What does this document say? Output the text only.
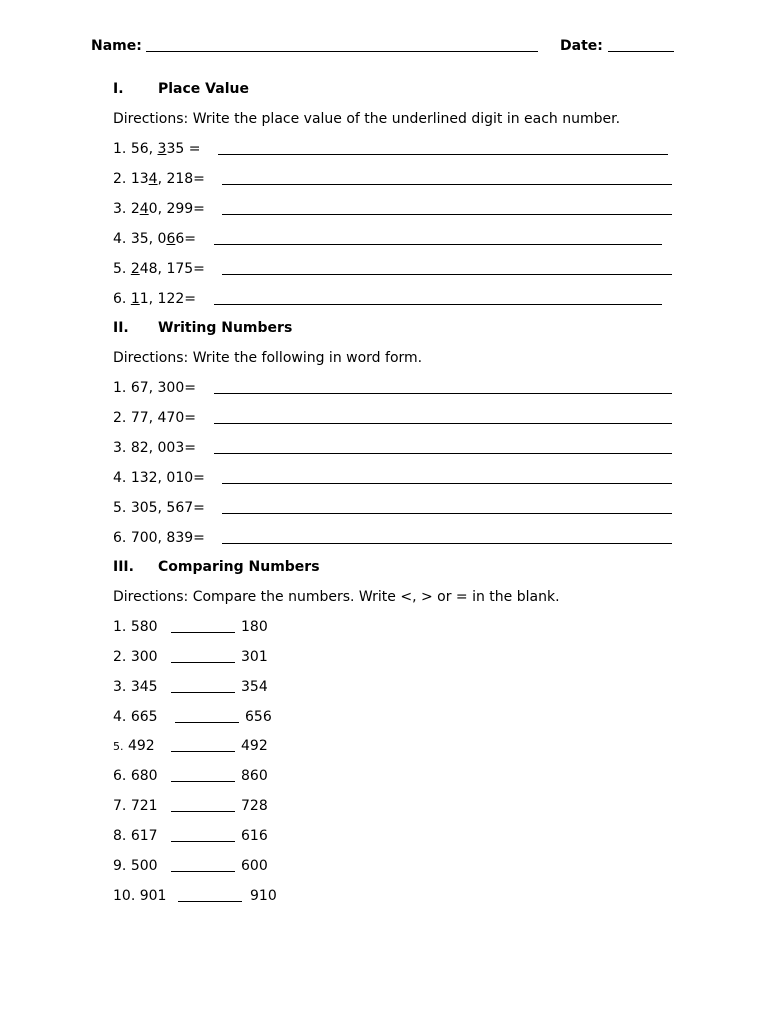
Name:	Date:
I. Place Value
Directions: Write the place value of the underlined digit in each number.
1. 56, 335 =
2. 134, 218=
3. 240, 299=
4. 35, 066=
5. 248, 175=
6. 11, 122=
II. Writing Numbers
Directions: Write the following in word form.
1. 67, 300=
2. 77, 470=
3. 82, 003=
4. 132, 010=
5. 305, 567=
6. 700, 839=
III. Comparing Numbers
Directions: Compare the numbers. Write <, > or = in the blank.
1. 580	180
2. 300	301
3. 345	354
4. 665	656
5. 492	492
6. 680	860
7. 721	728
8. 617	616
9. 500	600
10. 901	910
